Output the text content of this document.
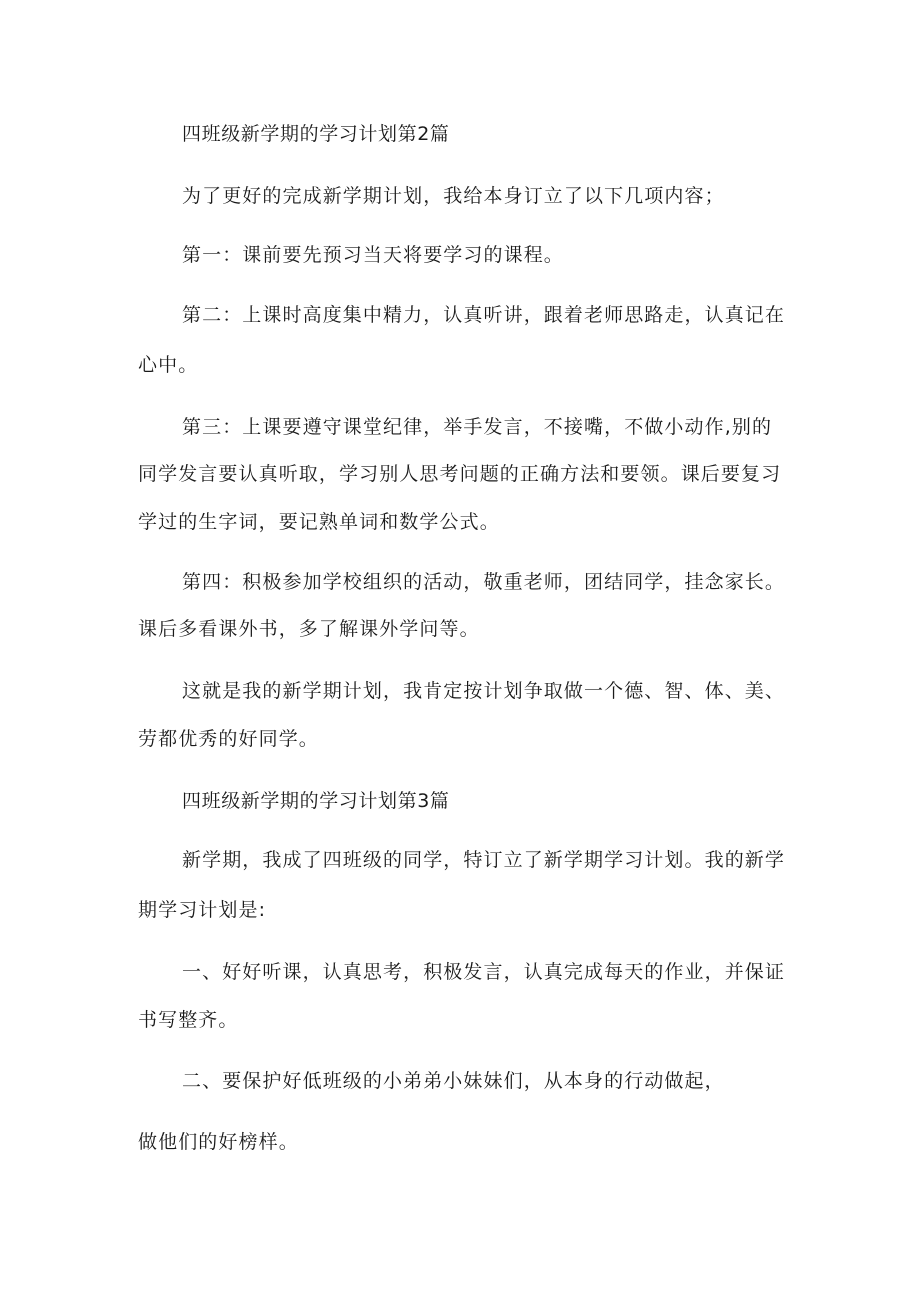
四班级新学期的学习计划第2篇
为了更好的完成新学期计划，我给本身订立了以下几项内容；
第一：课前要先预习当天将要学习的课程。
第二：上课时高度集中精力，认真听讲，跟着老师思路走，认真记在
心中。
第三：上课要遵守课堂纪律，举手发言，不接嘴，不做小动作,别的
同学发言要认真听取，学习别人思考问题的正确方法和要领。课后要复习
学过的生字词，要记熟单词和数学公式。
第四：积极参加学校组织的活动，敬重老师，团结同学，挂念家长。
课后多看课外书，多了解课外学问等。
这就是我的新学期计划，我肯定按计划争取做一个德、智、体、美、
劳都优秀的好同学。
四班级新学期的学习计划第3篇
新学期，我成了四班级的同学，特订立了新学期学习计划。我的新学
期学习计划是:
一、好好听课，认真思考，积极发言，认真完成每天的作业，并保证
书写整齐。
二、要保护好低班级的小弟弟小妹妹们，从本身的行动做起，
做他们的好榜样。
